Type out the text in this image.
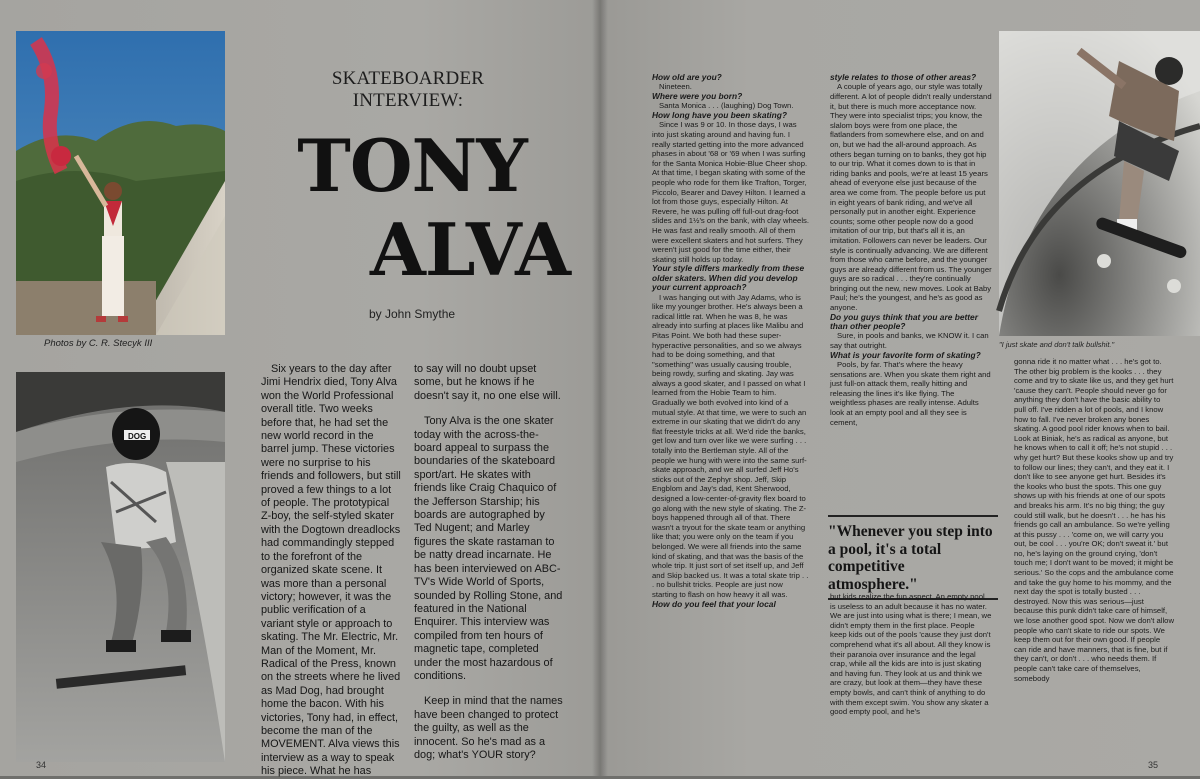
Photos by C. R. Stecyk III
DOG
SKATEBOARDER INTERVIEW:
TONY
ALVA
by John Smythe

Six years to the day after Jimi Hendrix died, Tony Alva won the World Professional overall title. Two weeks before that, he had set the new world record in the barrel jump. These victories were no surprise to his friends and followers, but still proved a few things to a lot of people. The prototypical Z-boy, the self-styled skater with the Dogtown dreadlocks had commandingly stepped to the forefront of the organized skate scene. It was more than a personal victory; however, it was the public verification of a variant style or approach to skating. The Mr. Electric, Mr. Man of the Moment, Mr. Radical of the Press, known on the streets where he lived as Mad Dog, had brought home the bacon. With his victories, Tony had, in effect, become the man of the MOVEMENT. Alva views this interview as a way to speak his piece. What he has

to say will no doubt upset some, but he knows if he doesn't say it, no one else will.

Tony Alva is the one skater today with the across-the-board appeal to surpass the boundaries of the skateboard sport/art. He skates with friends like Craig Chaquico of the Jefferson Starship; his boards are autographed by Ted Nugent; and Marley figures the skate rastaman to be natty dread incarnate. He has been interviewed on ABC-TV's Wide World of Sports, sounded by Rolling Stone, and featured in the National Enquirer. This interview was compiled from ten hours of magnetic tape, completed under the most hazardous of conditions.

Keep in mind that the names have been changed to protect the guilty, as well as the innocent. So he's mad as a dog; what's YOUR story?

34

How old are you?

Nineteen.

Where were you born?

Santa Monica . . . (laughing) Dog Town.

How long have you been skating?

Since I was 9 or 10. In those days, I was into just skating around and having fun. I really started getting into the more advanced phases in about '68 or '69 when I was surfing for the Santa Monica Hobie-Blue Cheer shop. At that time, I began skating with some of the people who rode for them like Trafton, Torger, Piccolo, Bearer and Davey Hilton. I learned a lot from those guys, especially Hilton. At Revere, he was pulling off full-out drag-foot slides and 1½'s on the bank, with clay wheels. He was fast and really smooth. All of them were excellent skaters and hot surfers. They weren't just good for the time either, their skating still holds up today.

Your style differs markedly from these older skaters. When did you develop your current approach?

I was hanging out with Jay Adams, who is like my younger brother. He's always been a radical little rat. When he was 8, he was already into surfing at places like Malibu and Pitas Point. We both had these super-hyperactive personalities, and so we always had to be doing something, and that "something" was usually causing trouble, being rowdy, surfing and skating. Jay was always a good skater, and I passed on what I learned from the Hobie Team to him. Gradually we both evolved into kind of a mutual style. At that time, we were to such an extreme in our skating that we didn't do any flat freestyle tricks at all. We'd ride the banks, get low and turn over like we were surfing . . . totally into the Bertleman style. All of the people we hung with were into the same surf-skate approach, and we all surfed Jeff Ho's sticks out of the Zephyr shop. Jeff, Skip Engblom and Jay's dad, Kent Sherwood, designed a low-center-of-gravity flex board to go along with the new style of skating. The Z-boys happened through all of that. There wasn't a tryout for the skate team or anything like that; you were only on the team if you belonged. We were all friends into the same kind of skating, and that was the basis of the whole trip. It just sort of set itself up, and Jeff and Skip backed us. It was a total skate trip . . . no bullshit tricks. People are just now starting to flash on how heavy it all was.

How do you feel that your local

style relates to those of other areas?

A couple of years ago, our style was totally different. A lot of people didn't really understand it, but there is much more acceptance now. They were into specialist trips; you know, the slalom boys were from one place, the flatlanders from somewhere else, and on and on, but we had the all-around approach. As others began turning on to banks, they got hip to our trip. What it comes down to is that in riding banks and pools, we're at least 15 years ahead of everyone else just because of the area we come from. The people before us put in eight years of bank riding, and we've all personally put in another eight. Experience counts; some other people now do a good imitation of our trip, but that's all it is, an imitation. Followers can never be leaders. Our style is continually advancing. We are different from those who came before, and the younger guys are already different from us. The younger guys are so radical . . . they're continually bringing out the new, new moves. Look at Baby Paul; he's the youngest, and he's as good as anyone.

Do you guys think that you are better than other people?

Sure, in pools and banks, we KNOW it. I can say that outright.

What is your favorite form of skating?

Pools, by far. That's where the heavy sensations are. When you skate them right and just full-on attack them, really hitting and releasing the lines it's like flying. The weightless phases are really intense. Adults look at an empty pool and all they see is cement,

"Whenever you step into a pool, it's a total competitive atmosphere."

but kids realize the fun aspect. An empty pool is useless to an adult because it has no water. We are just into using what is there; I mean, we didn't empty them in the first place. People keep kids out of the pools 'cause they just don't comprehend what it's all about. All they know is their paranoia over insurance and the legal crap, while all the kids are into is just skating and having fun. They look at us and think we are crazy, but look at them—they have these empty bowls, and can't think of anything to do with them except swim. You show any skater a good empty pool, and he's

"I just skate and don't talk bullshit."

gonna ride it no matter what . . . he's got to. The other big problem is the kooks . . . they come and try to skate like us, and they get hurt 'cause they can't. People should never go for anything they don't have the basic ability to pull off. I've ridden a lot of pools, and I know how to fall. I've never broken any bones skating. A good pool rider knows when to bail. Look at Biniak, he's as radical as anyone, but he knows when to call it off; he's not stupid . . . why get hurt? But these kooks show up and try to follow our lines; they can't, and they eat it. I don't like to see anyone get hurt. Besides it's the kooks who bust the spots. This one guy shows up with his friends at one of our spots and breaks his arm. It's no big thing; the guy could still walk, but he doesn't . . . he has his friends go call an ambulance. So we're yelling at this pussy . . . 'come on, we will carry you out, be cool . . . you're OK; don't sweat it.' but no, he's laying on the ground crying, 'don't touch me; I don't want to be moved; it might be serious.' So the cops and the ambulance come and take the guy home to his mommy, and the next day the spot is totally busted . . . destroyed. Now this was serious—just because this punk didn't take care of himself, we lose another good spot. Now we don't allow people who can't skate to ride our spots. We keep them out for their own good. If people can ride and have manners, that is fine, but if they can't, or don't . . . who needs them. If people can't take care of themselves, somebody

35
